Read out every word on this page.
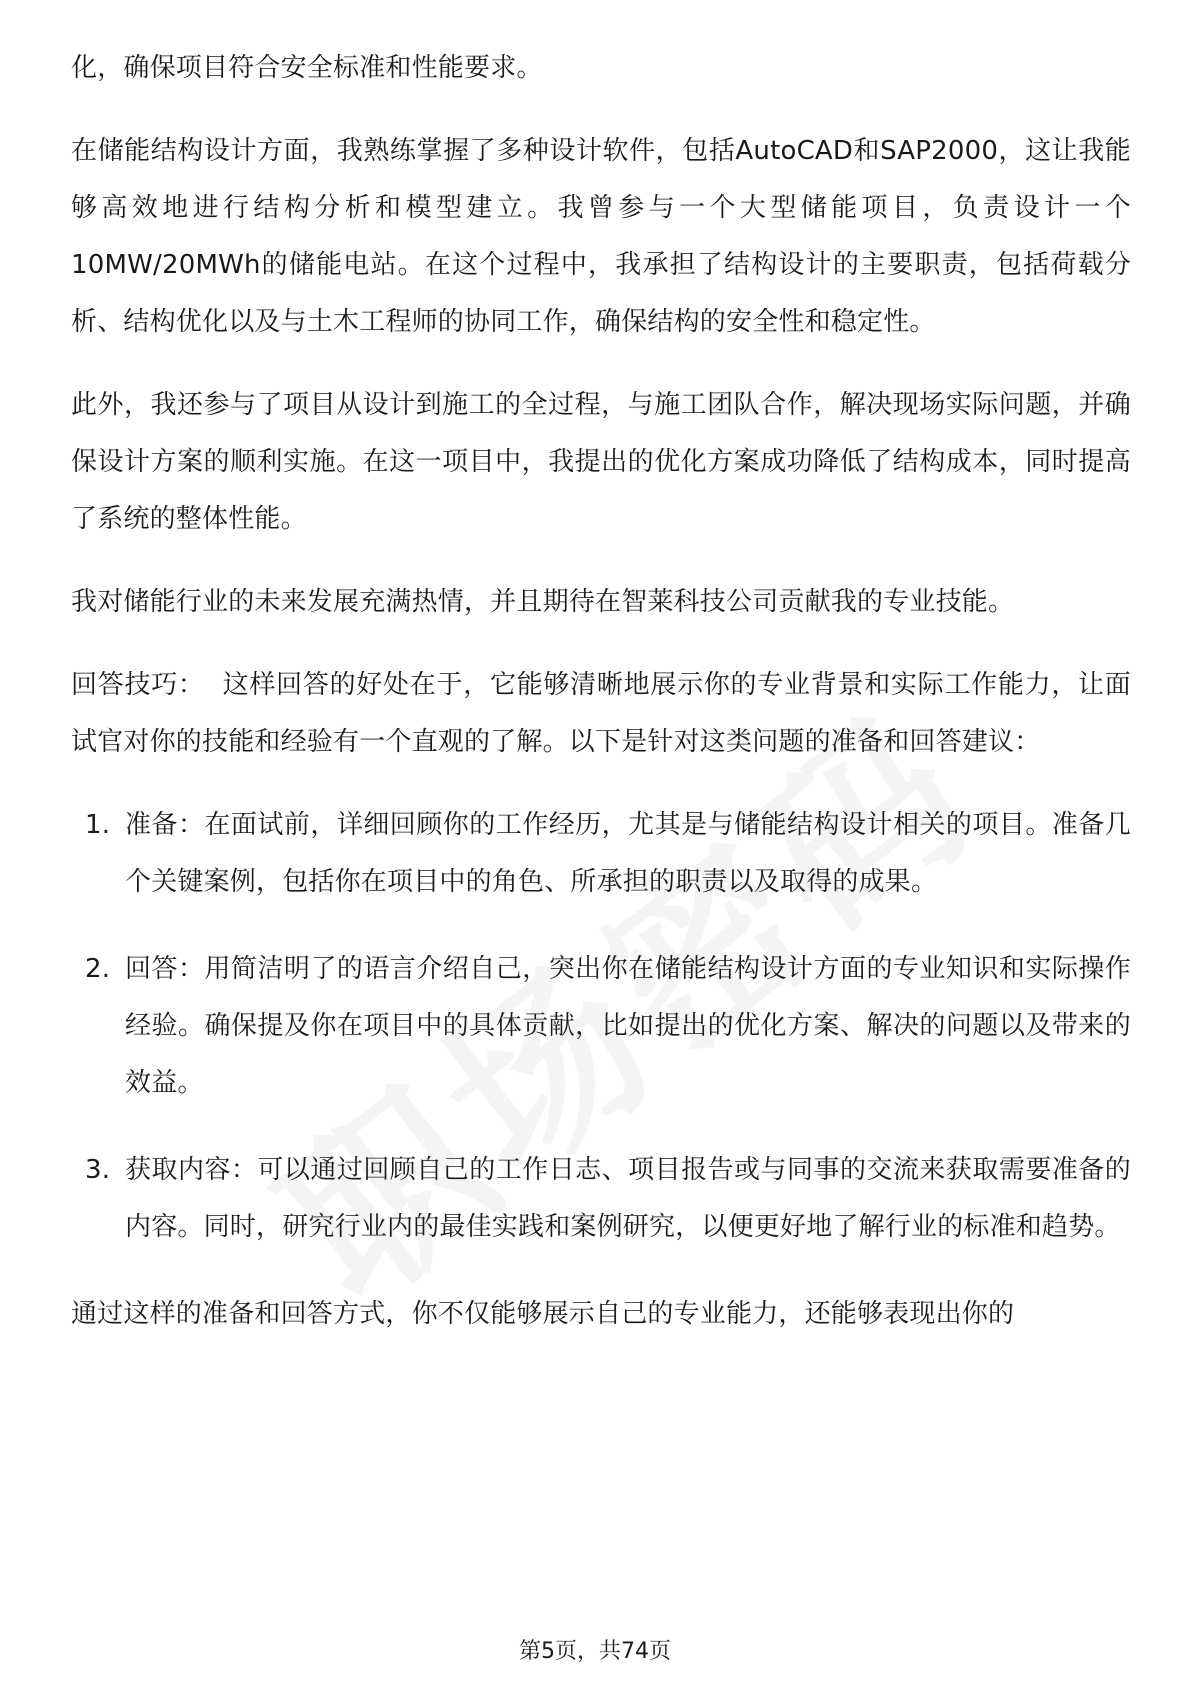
化，确保项目符合安全标准和性能要求。

在储能结构设计方面，我熟练掌握了多种设计软件，包括AutoCAD和SAP2000，这让我能够高效地进行结构分析和模型建立。我曾参与一个大型储能项目，负责设计一个10MW/20MWh的储能电站。在这个过程中，我承担了结构设计的主要职责，包括荷载分析、结构优化以及与土木工程师的协同工作，确保结构的安全性和稳定性。

此外，我还参与了项目从设计到施工的全过程，与施工团队合作，解决现场实际问题，并确保设计方案的顺利实施。在这一项目中，我提出的优化方案成功降低了结构成本，同时提高了系统的整体性能。

我对储能行业的未来发展充满热情，并且期待在智莱科技公司贡献我的专业技能。

回答技巧： 这样回答的好处在于，它能够清晰地展示你的专业背景和实际工作能力，让面试官对你的技能和经验有一个直观的了解。以下是针对这类问题的准备和回答建议：

1. 准备：在面试前，详细回顾你的工作经历，尤其是与储能结构设计相关的项目。准备几个关键案例，包括你在项目中的角色、所承担的职责以及取得的成果。
2. 回答：用简洁明了的语言介绍自己，突出你在储能结构设计方面的专业知识和实际操作经验。确保提及你在项目中的具体贡献，比如提出的优化方案、解决的问题以及带来的效益。
3. 获取内容：可以通过回顾自己的工作日志、项目报告或与同事的交流来获取需要准备的内容。同时，研究行业内的最佳实践和案例研究，以便更好地了解行业的标准和趋势。

通过这样的准备和回答方式，你不仅能够展示自己的专业能力，还能够表现出你的

第5页，共74页
